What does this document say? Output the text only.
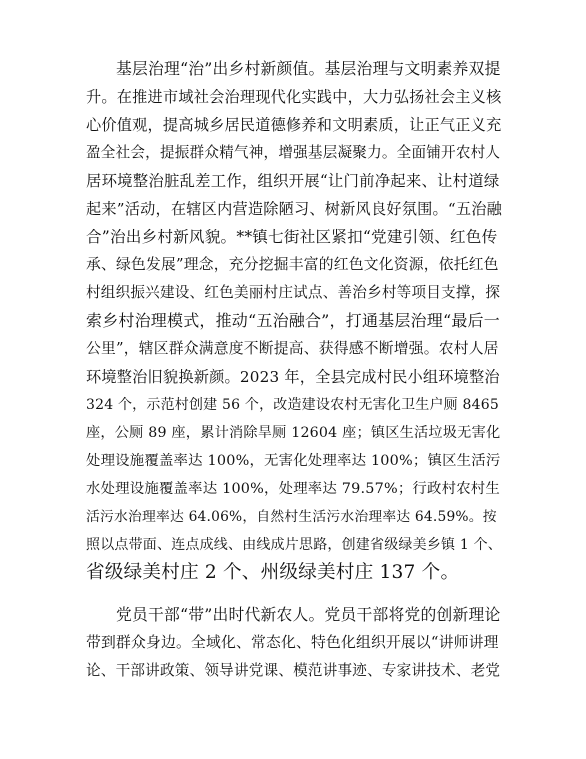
基层治理“治”出乡村新颜值。基层治理与文明素养双提
升。在推进市域社会治理现代化实践中，大力弘扬社会主义核
心价值观，提高城乡居民道德修养和文明素质，让正气正义充
盈全社会，提振群众精气神，增强基层凝聚力。全面铺开农村人
居环境整治脏乱差工作，组织开展“让门前净起来、让村道绿
起来”活动，在辖区内营造除陋习、树新风良好氛围。“五治融
合”治出乡村新风貌。**镇七街社区紧扣“党建引领、红色传
承、绿色发展”理念，充分挖掘丰富的红色文化资源，依托红色
村组织振兴建设、红色美丽村庄试点、善治乡村等项目支撑，探
索乡村治理模式，推动“五治融合”，打通基层治理“最后一
公里”，辖区群众满意度不断提高、获得感不断增强。农村人居
环境整治旧貌换新颜。2023 年，全县完成村民小组环境整治
324 个，示范村创建 56 个，改造建设农村无害化卫生户厕 8465
座，公厕 89 座，累计消除旱厕 12604 座；镇区生活垃圾无害化
处理设施覆盖率达 100%，无害化处理率达 100%；镇区生活污
水处理设施覆盖率达 100%，处理率达 79.57%；行政村农村生
活污水治理率达 64.06%，自然村生活污水治理率达 64.59%。按
照以点带面、连点成线、由线成片思路，创建省级绿美乡镇 1 个、
省级绿美村庄 2 个、州级绿美村庄 137 个。
党员干部“带”出时代新农人。党员干部将党的创新理论
带到群众身边。全域化、常态化、特色化组织开展以“讲师讲理
论、干部讲政策、领导讲党课、模范讲事迹、专家讲技术、老党
